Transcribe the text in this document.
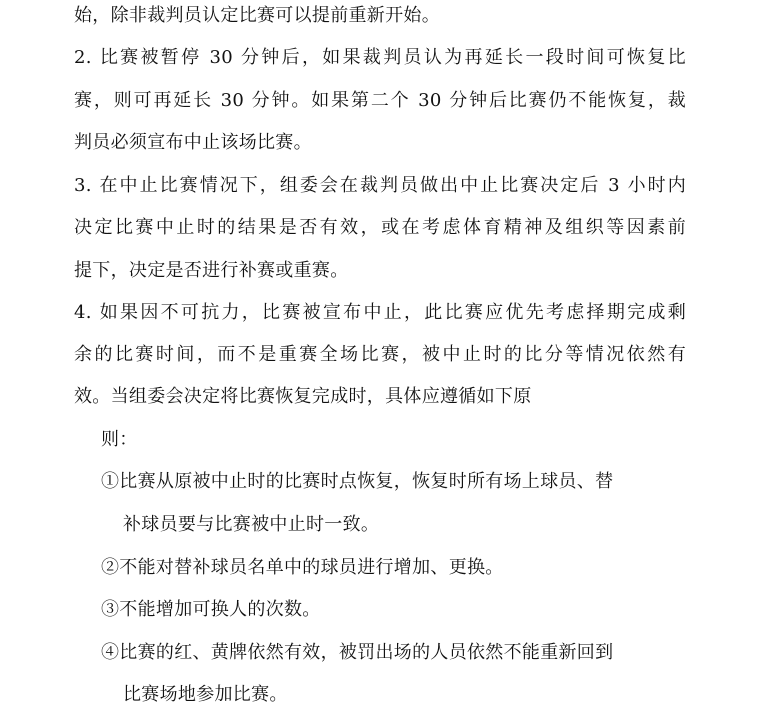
始，除非裁判员认定比赛可以提前重新开始。
2. 比赛被暂停 30 分钟后，如果裁判员认为再延长一段时间可恢复比
赛，则可再延长 30 分钟。如果第二个 30 分钟后比赛仍不能恢复，裁
判员必须宣布中止该场比赛。
3. 在中止比赛情况下，组委会在裁判员做出中止比赛决定后 3 小时内
决定比赛中止时的结果是否有效，或在考虑体育精神及组织等因素前
提下，决定是否进行补赛或重赛。
4. 如果因不可抗力，比赛被宣布中止，此比赛应优先考虑择期完成剩
余的比赛时间，而不是重赛全场比赛，被中止时的比分等情况依然有
效。当组委会决定将比赛恢复完成时，具体应遵循如下原
则：
①比赛从原被中止时的比赛时点恢复，恢复时所有场上球员、替
补球员要与比赛被中止时一致。
②不能对替补球员名单中的球员进行增加、更换。
③不能增加可换人的次数。
④比赛的红、黄牌依然有效，被罚出场的人员依然不能重新回到
比赛场地参加比赛。
